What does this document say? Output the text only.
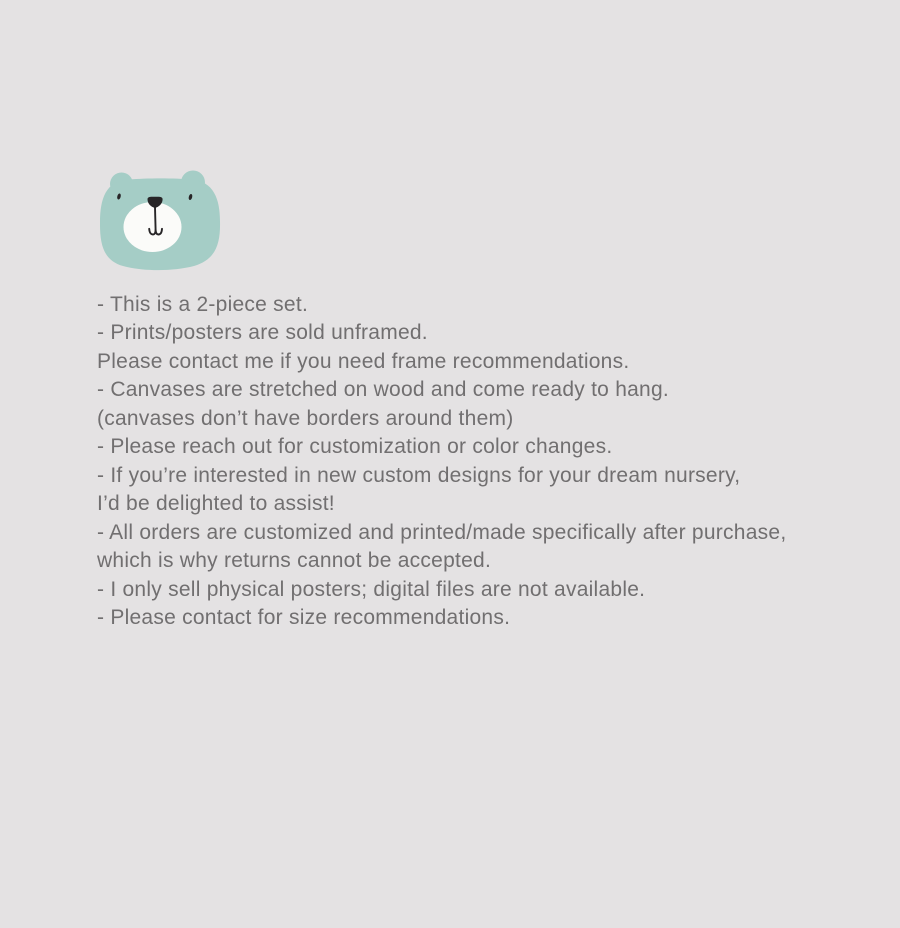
- This is a 2-piece set.
- Prints/posters are sold unframed.
Please contact me if you need frame recommendations.
- Canvases are stretched on wood and come ready to hang.
(canvases don’t have borders around them)
- Please reach out for customization or color changes.
- If you’re interested in new custom designs for your dream nursery,
I’d be delighted to assist!
- All orders are customized and printed/made specifically after purchase,
which is why returns cannot be accepted.
- I only sell physical posters; digital files are not available.
- Please contact for size recommendations.
